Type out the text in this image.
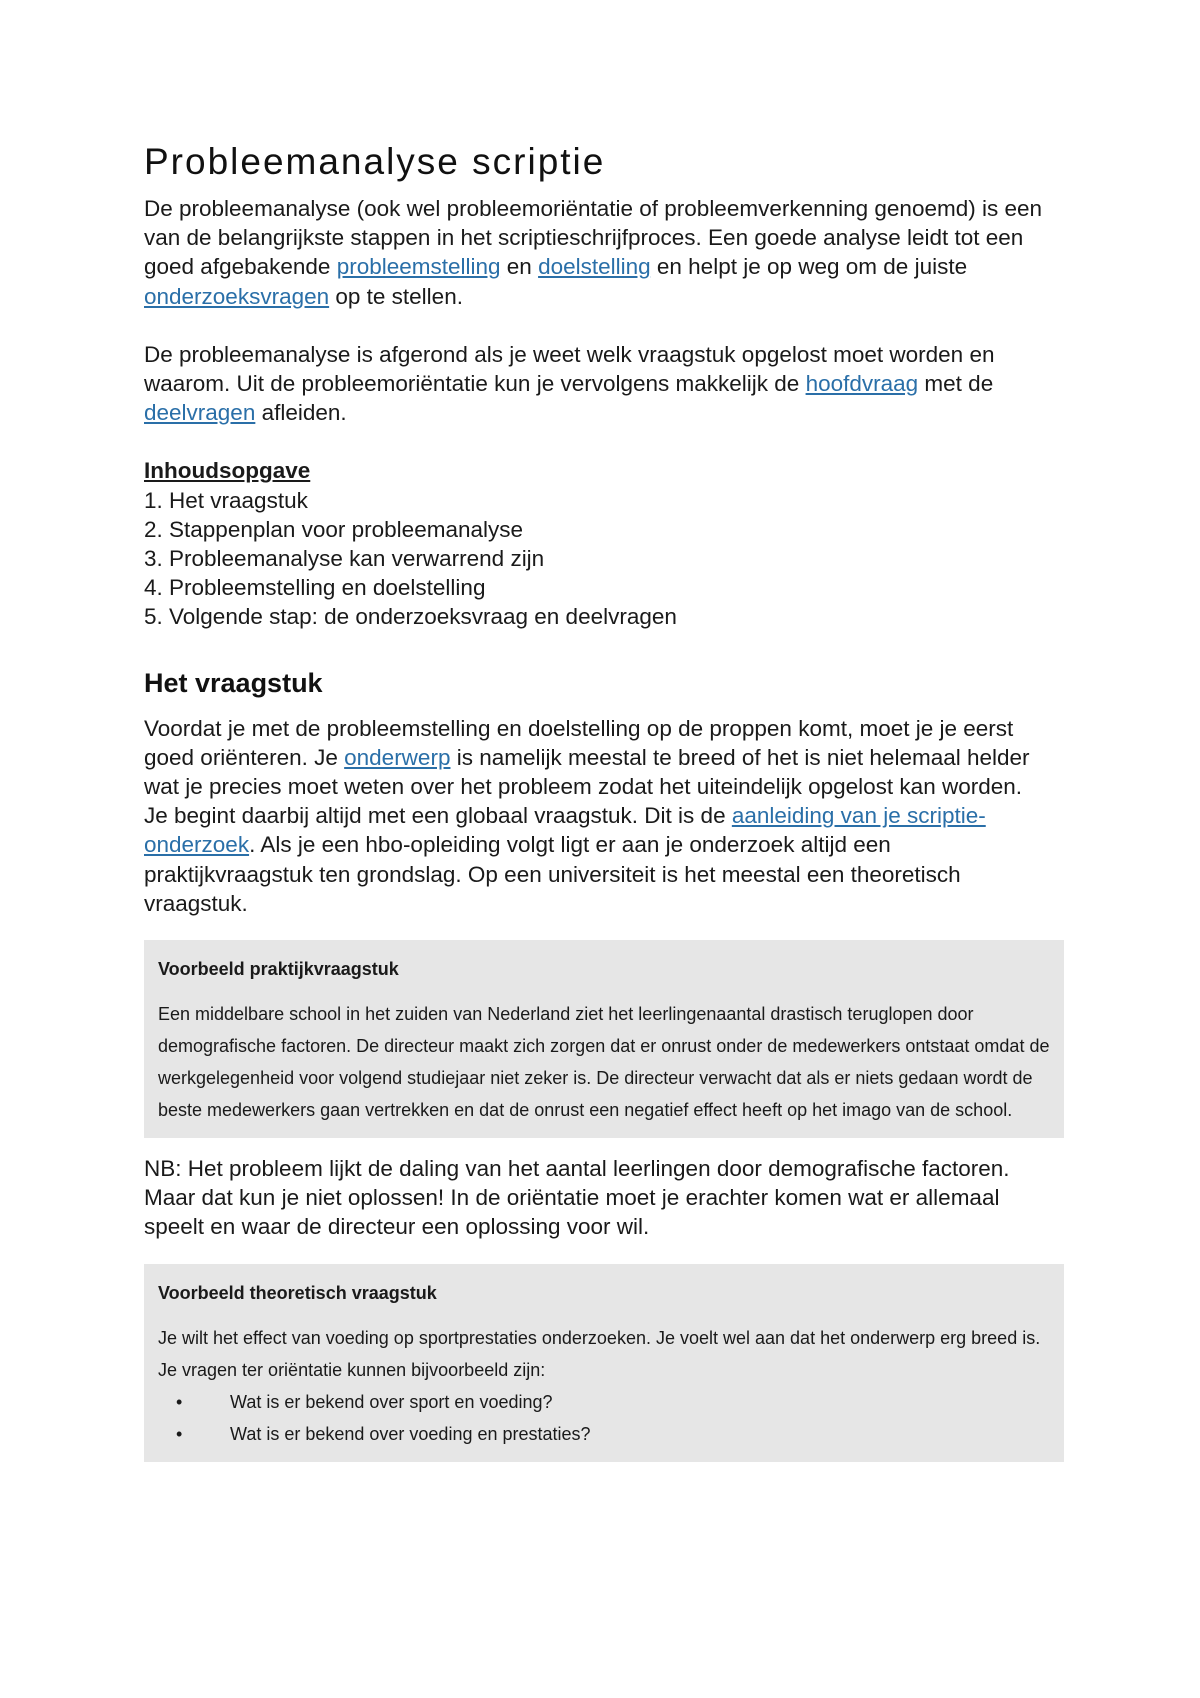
Probleemanalyse scriptie

De probleemanalyse (ook wel probleemoriëntatie of probleemverkenning genoemd) is een van de belangrijkste stappen in het scriptieschrijfproces. Een goede analyse leidt tot een goed afgebakende probleemstelling en doelstelling en helpt je op weg om de juiste onderzoeksvragen op te stellen.

De probleemanalyse is afgerond als je weet welk vraagstuk opgelost moet worden en waarom. Uit de probleemoriëntatie kun je vervolgens makkelijk de hoofdvraag met de deelvragen afleiden.

Inhoudsopgave
1. Het vraagstuk
2. Stappenplan voor probleemanalyse
3. Probleemanalyse kan verwarrend zijn
4. Probleemstelling en doelstelling
5. Volgende stap: de onderzoeksvraag en deelvragen
Het vraagstuk

Voordat je met de probleemstelling en doelstelling op de proppen komt, moet je je eerst goed oriënteren. Je onderwerp is namelijk meestal te breed of het is niet helemaal helder wat je precies moet weten over het probleem zodat het uiteindelijk opgelost kan worden.

Je begint daarbij altijd met een globaal vraagstuk. Dit is de aanleiding van je scriptie-onderzoek. Als je een hbo-opleiding volgt ligt er aan je onderzoek altijd een praktijkvraagstuk ten grondslag. Op een universiteit is het meestal een theoretisch vraagstuk.

Voorbeeld praktijkvraagstuk
Een middelbare school in het zuiden van Nederland ziet het leerlingenaantal drastisch teruglopen door demografische factoren. De directeur maakt zich zorgen dat er onrust onder de medewerkers ontstaat omdat de werkgelegenheid voor volgend studiejaar niet zeker is. De directeur verwacht dat als er niets gedaan wordt de beste medewerkers gaan vertrekken en dat de onrust een negatief effect heeft op het imago van de school.

NB: Het probleem lijkt de daling van het aantal leerlingen door demografische factoren. Maar dat kun je niet oplossen! In de oriëntatie moet je erachter komen wat er allemaal speelt en waar de directeur een oplossing voor wil.

Voorbeeld theoretisch vraagstuk
Je wilt het effect van voeding op sportprestaties onderzoeken. Je voelt wel aan dat het onderwerp erg breed is. Je vragen ter oriëntatie kunnen bijvoorbeeld zijn:
•	Wat is er bekend over sport en voeding?
•	Wat is er bekend over voeding en prestaties?
